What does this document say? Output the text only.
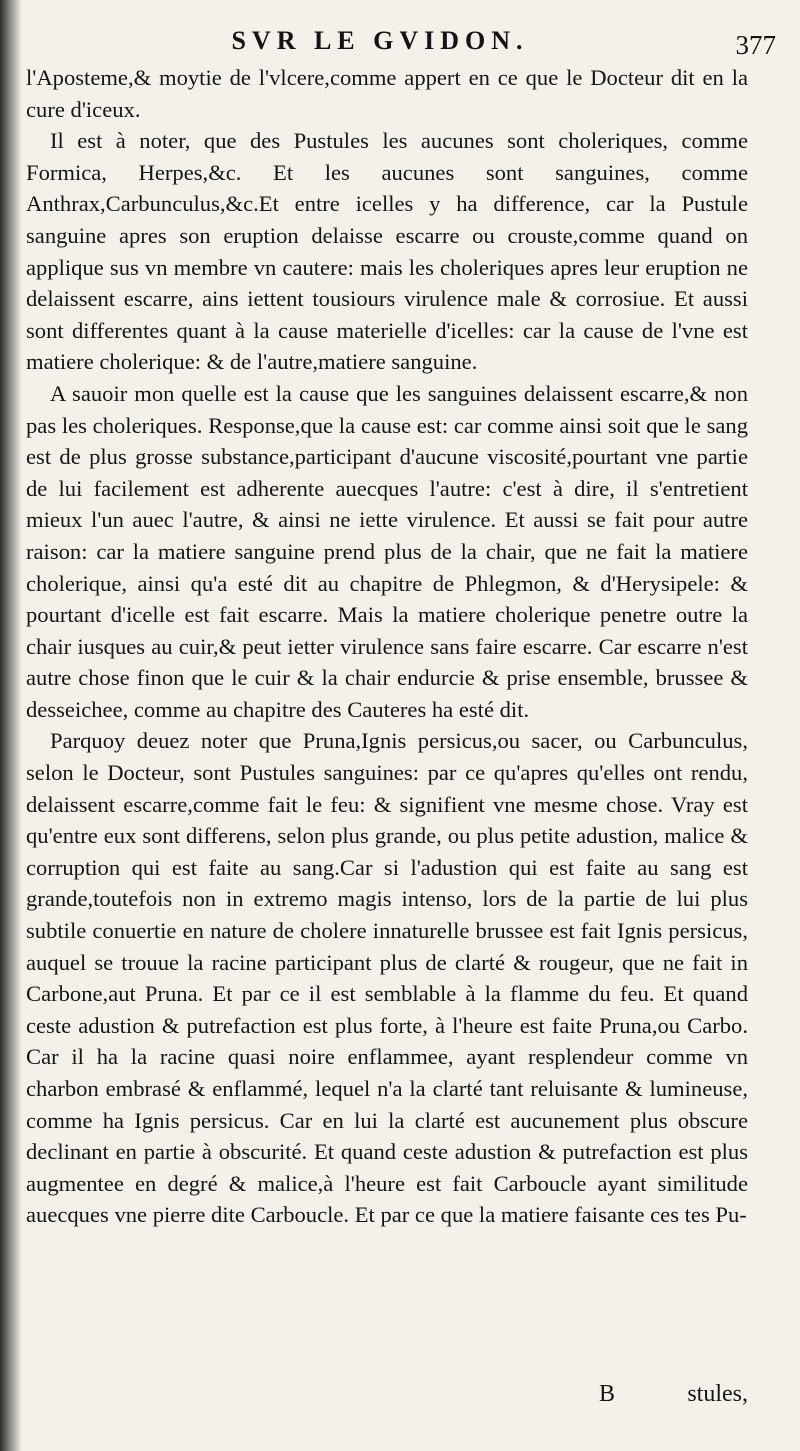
SVR LE GVIDON.	377

l'Aposteme,& moytie de l'vlcere,comme appert en ce que le Docteur dit en la cure d'iceux.

Il est à noter, que des Pustules les aucunes sont choleriques, comme Formica, Herpes,&c. Et les aucunes sont sanguines, comme Anthrax,Carbunculus,&c.Et entre icelles y ha difference, car la Pustule sanguine apres son eruption delaisse escarre ou crouste,comme quand on applique sus vn membre vn cautere: mais les choleriques apres leur eruption ne delaissent escarre, ains iettent tousiours virulence male & corrosiue. Et aussi sont differentes quant à la cause materielle d'icelles: car la cause de l'vne est matiere cholerique: & de l'autre,matiere sanguine.

A sauoir mon quelle est la cause que les sanguines delaissent escarre,& non pas les choleriques. Response,que la cause est: car comme ainsi soit que le sang est de plus grosse substance,participant d'aucune viscosité,pourtant vne partie de lui facilement est adherente auecques l'autre: c'est à dire, il s'entretient mieux l'un auec l'autre, & ainsi ne iette virulence. Et aussi se fait pour autre raison: car la matiere sanguine prend plus de la chair, que ne fait la matiere cholerique, ainsi qu'a esté dit au chapitre de Phlegmon, & d'Herysipele: & pourtant d'icelle est fait escarre. Mais la matiere cholerique penetre outre la chair iusques au cuir,& peut ietter virulence sans faire escarre. Car escarre n'est autre chose finon que le cuir & la chair endurcie & prise ensemble, brussee & desseichee, comme au chapitre des Cauteres ha esté dit.

Parquoy deuez noter que Pruna,Ignis persicus,ou sacer, ou Carbunculus, selon le Docteur, sont Pustules sanguines: par ce qu'apres qu'elles ont rendu, delaissent escarre,comme fait le feu: & signifient vne mesme chose. Vray est qu'entre eux sont differens, selon plus grande, ou plus petite adustion, malice & corruption qui est faite au sang.Car si l'adustion qui est faite au sang est grande,toutefois non in extremo magis intenso, lors de la partie de lui plus subtile conuertie en nature de cholere innaturelle brussee est fait Ignis persicus, auquel se trouue la racine participant plus de clarté & rougeur, que ne fait in Carbone,aut Pruna. Et par ce il est semblable à la flamme du feu. Et quand ceste adustion & putrefaction est plus forte, à l'heure est faite Pruna,ou Carbo. Car il ha la racine quasi noire enflammee, ayant resplendeur comme vn charbon embrasé & enflammé, lequel n'a la clarté tant reluisante & lumineuse, comme ha Ignis persicus. Car en lui la clarté est aucunement plus obscure declinant en partie à obscurité. Et quand ceste adustion & putrefaction est plus augmentee en degré & malice,à l'heure est fait Carboucle ayant similitude auecques vne pierre dite Carboucle. Et par ce que la matiere faisante ces tes Pu-

B	stules,
